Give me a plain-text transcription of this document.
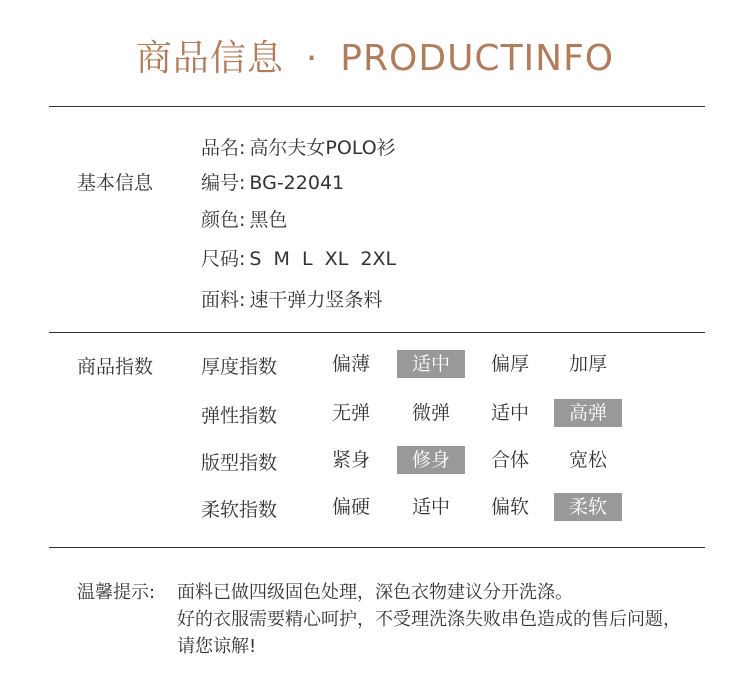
商品信息 · PRODUCTINFO
基本信息
品名: 高尔夫女POLO衫
编号: BG-22041
颜色: 黑色
尺码: S  M  L  XL  2XL
面料: 速干弹力竖条料
商品指数	厚度指数	偏薄	适中	偏厚	加厚
弹性指数	无弹	微弹	适中	高弹
版型指数	紧身	修身	合体	宽松
柔软指数	偏硬	适中	偏软	柔软
温馨提示: 面料已做四级固色处理，深色衣物建议分开洗涤。
好的衣服需要精心呵护，不受理洗涤失败串色造成的售后问题，
请您谅解!
